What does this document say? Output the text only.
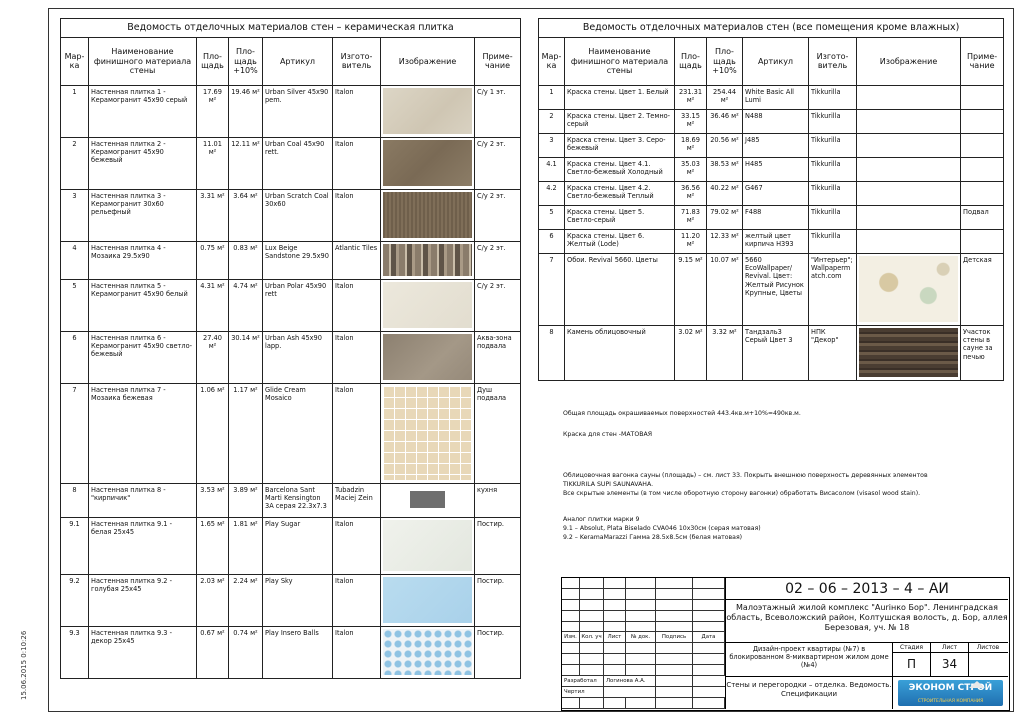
15.06.2015 0:10:26
Ведомость отделочных материалов стен – керамическая плитка							
Мар-ка	Наименование финишного материала стены	Пло-щадь	Пло-щадь +10%	Артикул	Изгото-витель	Изображение	Приме-чание
1	Настенная плитка 1 - Керамогранит 45х90 серый	17.69 м²	19.46 м²	Urban Silver 45x90 pem.	Italon		С/у 1 эт.
2	Настенная плитка 2 - Керамогранит 45х90 бежевый	11.01 м²	12.11 м²	Urban Coal 45x90 rett.	Italon		С/у 2 эт.
3	Настенная плитка 3 - Керамогранит 30х60 рельефный	3.31 м²	3.64 м²	Urban Scratch Coal 30x60	Italon		С/у 2 эт.
4	Настенная плитка 4 - Мозаика 29.5х90	0.75 м²	0.83 м²	Lux Beige Sandstone 29.5x90	Atlantic Tiles		С/у 2 эт.
5	Настенная плитка 5 - Керамогранит 45х90 белый	4.31 м²	4.74 м²	Urban Polar 45x90 rett	Italon		С/у 2 эт.
6	Настенная плитка 6 - Керамогранит 45х90 светло-бежевый	27.40 м²	30.14 м²	Urban Ash 45x90 lapp.	Italon		Аква-зона подвала
7	Настенная плитка 7 - Мозаика бежевая	1.06 м²	1.17 м²	Glide Cream Mosaico	Italon		Душ подвала
8	Настенная плитка 8 - "кирпичик"	3.53 м²	3.89 м²	Barcelona Sant Marti Kensington 3A серая 22.3x7.3	Tubadzin Maciej Zein		кухня
9.1	Настенная плитка 9.1 - белая 25х45	1.65 м²	1.81 м²	Play Sugar	Italon		Постир.
9.2	Настенная плитка 9.2 - голубая 25х45	2.03 м²	2.24 м²	Play Sky	Italon		Постир.
9.3	Настенная плитка 9.3 - декор 25х45	0.67 м²	0.74 м²	Play Insero Balls	Italon		Постир.
Ведомость отделочных материалов стен (все помещения кроме влажных)							
Мар-ка	Наименование финишного материала стены	Пло-щадь	Пло-щадь +10%	Артикул	Изгото-витель	Изображение	Приме-чание
1	Краска стены. Цвет 1. Белый	231.31 м²	254.44 м²	White Basic All Lumi	Tikkurilla		
2	Краска стены. Цвет 2. Темно-серый	33.15 м²	36.46 м²	N488	Tikkurilla		
3	Краска стены. Цвет 3. Серо-бежевый	18.69 м²	20.56 м²	J485	Tikkurilla		
4.1	Краска стены. Цвет 4.1. Светло-бежевый Холодный	35.03 м²	38.53 м²	H485	Tikkurilla		
4.2	Краска стены. Цвет 4.2. Светло-бежевый Теплый	36.56 м²	40.22 м²	G467	Tikkurilla		
5	Краска стены. Цвет 5. Светло-серый	71.83 м²	79.02 м²	F488	Tikkurilla		Подвал
6	Краска стены. Цвет 6. Желтый (Lode)	11.20 м²	12.33 м²	желтый цвет кирпича H393	Tikkurilla		
7	Обои. Revival 5660. Цветы	9.15 м²	10.07 м²	5660 EcoWallpaper/ Revival. Цвет: Желтый Рисунок Крупные, Цветы	"Интерьер"; Wallpaperm atch.com		Детская
8	Камень облицовочный	3.02 м²	3.32 м²	Тандзаль3 Серый Цвет 3	НПК "Декор"		Участок стены в сауне за печью
Общая площадь окрашиваемых поверхностей 443.4кв.м+10%=490кв.м.
Краска для стен -МАТОВАЯ
Облицовочная вагонка сауны (площадь) – см. лист 33. Покрыть внешнюю поверхность деревянных элементов
TIKKURILA SUPI SAUNAVAHA.
Все скрытые элементы (в том числе оборотную сторону вагонки) обработать Висасолом (visasol wood stain).
Аналог плитки марки 9
9.1 – Absolut, Plata Biselado CVA046 10x30см (серая матовая)
9.2 – KeramaMarazzi Гамма 28.5x8.5см (белая матовая)
Изм. Кол. уч	Лист	№ док.	Подпись	Дата
Разработал	Логинова А.А.
Чертил
02 – 06 – 2013 – 4 – АИ
Малоэтажный жилой комплекс "Auriнко Бор". Ленинградская область, Всеволожский район, Колтушская волость, д. Бор, аллея Березовая, уч. № 18
Дизайн-проект квартиры (№7) в блокированном 8-миквартирном жилом доме (№4)
Стадия	Лист	Листов
П	34
Стены и перегородки – отделка. Ведомость. Спецификации
ЭКОНОМ СТРОЙ
СТРОИТЕЛЬНАЯ КОМПАНИЯ
